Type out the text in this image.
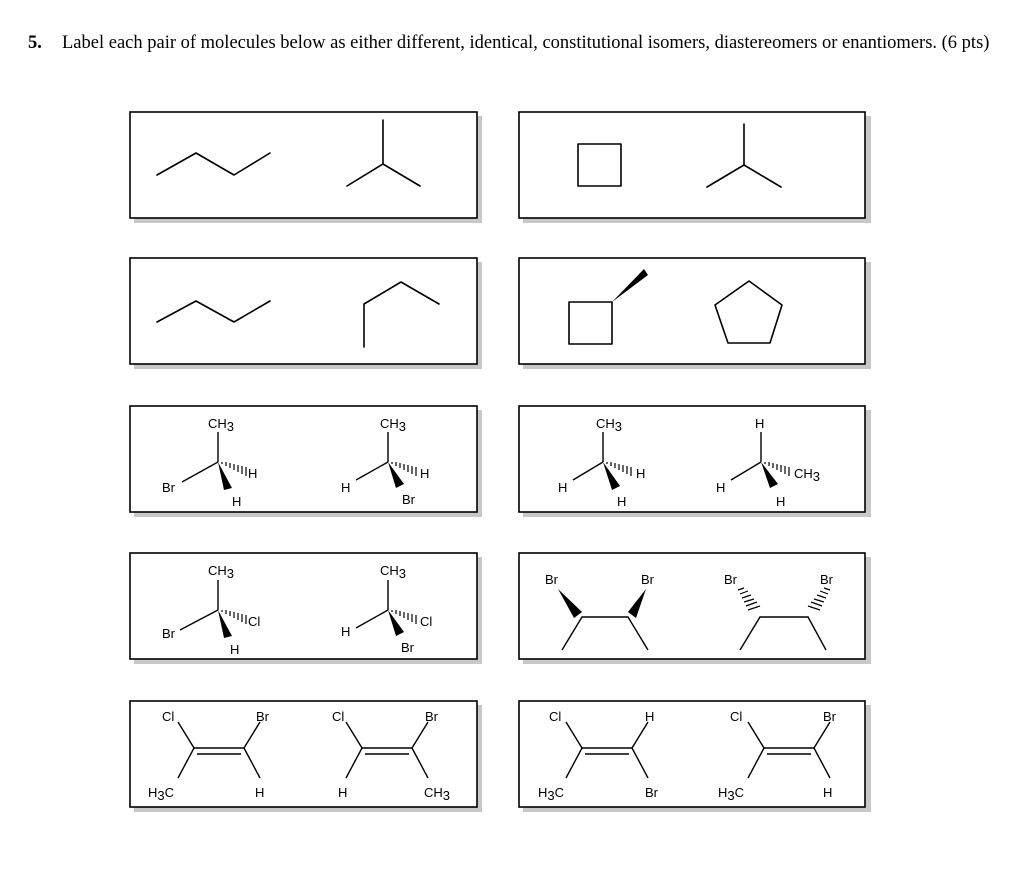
5. Label each pair of molecules below as either different, identical, constitutional isomers, diastereomers or enantiomers. (6 pts)
CH3
Br
H
H
CH3
H
H
Br
CH3
H
H
H
H
H
CH3
H
CH3
Br
Cl
H
CH3
H
Cl
Br
Br	Br	Br	Br
Cl	Br
H3C	H
Cl	Br
H	CH3
Cl	H
H3C	Br
Cl	Br
H3C	H
